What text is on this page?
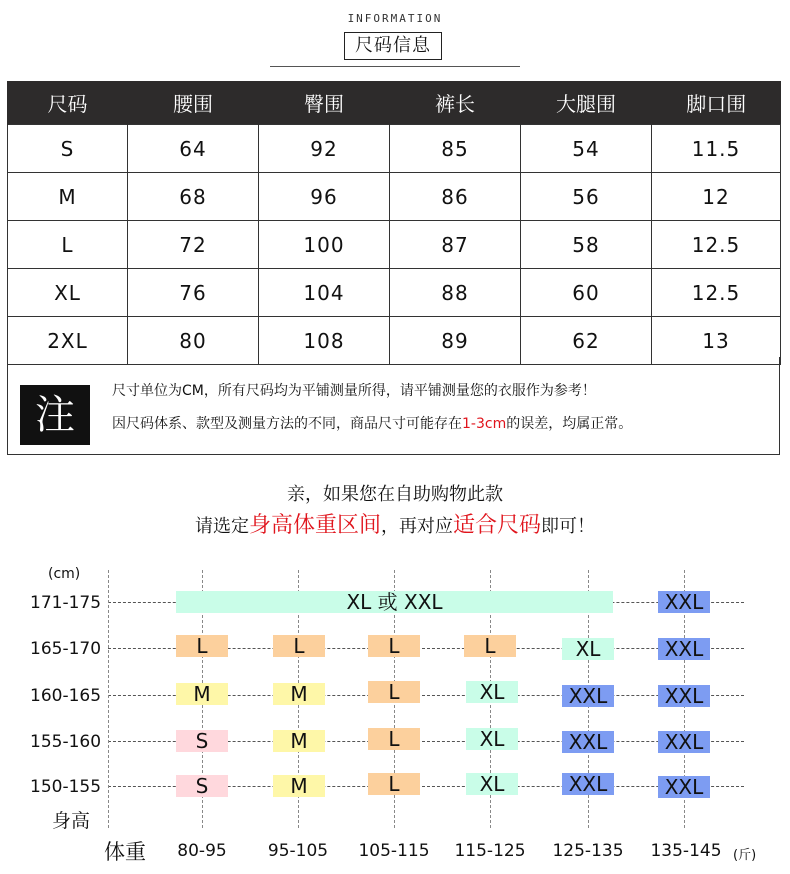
INFORMATION
尺码信息
尺码	腰围	臀围	裤长	大腿围	脚口围
S	64	92	85	54	11.5
M	68	96	86	56	12
L	72	100	87	58	12.5
XL	76	104	88	60	12.5
2XL	80	108	89	62	13
注
尺寸单位为CM，所有尺码均为平铺测量所得，请平铺测量您的衣服作为参考！
因尺码体系、款型及测量方法的不同，商品尺寸可能存在1-3cm的误差，均属正常。
亲，如果您在自助购物此款
请选定身高体重区间，再对应适合尺码即可！
(cm)
171-175
165-170
160-165
155-160
150-155
身高
体重	80-95	95-105	105-115	115-125	125-135	135-145 (斤)
XL 或 XXL	XXL
L	L	L	L	XL	XXL
M	M	L	XL	XXL	XXL
S	M	L	XL	XXL	XXL
S	M	L	XL	XXL	XXL
